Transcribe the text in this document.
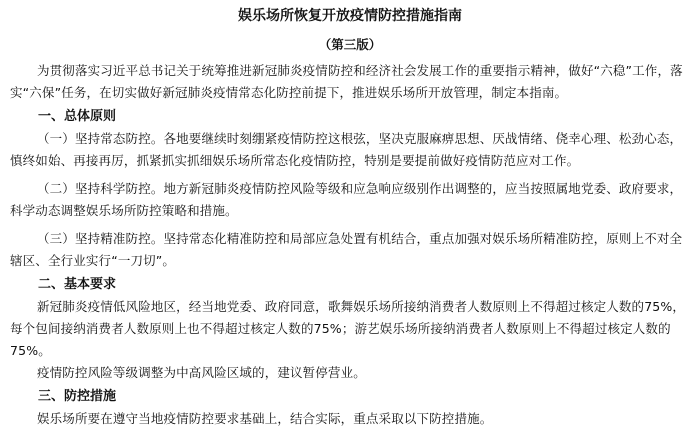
娱乐场所恢复开放疫情防控措施指南
（第三版）

为贯彻落实习近平总书记关于统筹推进新冠肺炎疫情防控和经济社会发展工作的重要指示精神，做好“六稳”工作，落实“六保”任务，在切实做好新冠肺炎疫情常态化防控前提下，推进娱乐场所开放管理，制定本指南。

一、总体原则

（一）坚持常态防控。各地要继续时刻绷紧疫情防控这根弦，坚决克服麻痹思想、厌战情绪、侥幸心理、松劲心态，慎终如始、再接再厉，抓紧抓实抓细娱乐场所常态化疫情防控，特别是要提前做好疫情防范应对工作。

（二）坚持科学防控。地方新冠肺炎疫情防控风险等级和应急响应级别作出调整的，应当按照属地党委、政府要求，科学动态调整娱乐场所防控策略和措施。

（三）坚持精准防控。坚持常态化精准防控和局部应急处置有机结合，重点加强对娱乐场所精准防控，原则上不对全辖区、全行业实行“一刀切”。

二、基本要求

新冠肺炎疫情低风险地区，经当地党委、政府同意，歌舞娱乐场所接纳消费者人数原则上不得超过核定人数的75%，每个包间接纳消费者人数原则上也不得超过核定人数的75%；游艺娱乐场所接纳消费者人数原则上不得超过核定人数的75%。

疫情防控风险等级调整为中高风险区域的，建议暂停营业。

三、防控措施

娱乐场所要在遵守当地疫情防控要求基础上，结合实际，重点采取以下防控措施。
